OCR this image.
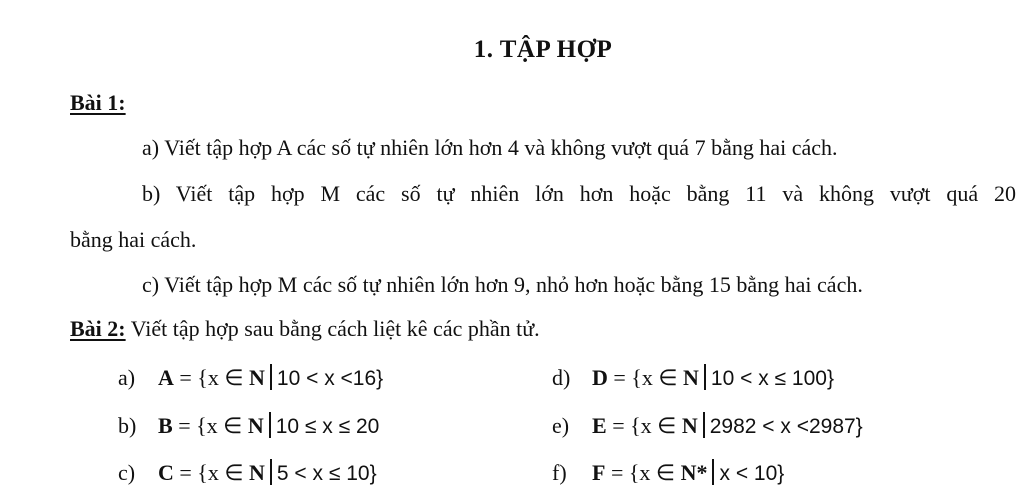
1. TẬP HỢP
Bài 1:
a) Viết tập hợp A các số tự nhiên lớn hơn 4 và không vượt quá 7 bằng hai cách.
b) Viết tập hợp M các số tự nhiên lớn hơn hoặc bằng 11 và không vượt quá 20
bằng hai cách.
c) Viết tập hợp M các số tự nhiên lớn hơn 9, nhỏ hơn hoặc bằng 15 bằng hai cách.
Bài 2: Viết tập hợp sau bằng cách liệt kê các phần tử.
a) A = {x ∈ N 10 < x <16}
b) B = {x ∈ N 10 ≤ x ≤ 20
c) C = {x ∈ N 5 < x ≤ 10}
d) D = {x ∈ N 10 < x ≤ 100}
e) E = {x ∈ N 2982 < x <2987}
f) F = {x ∈ N* x < 10}
